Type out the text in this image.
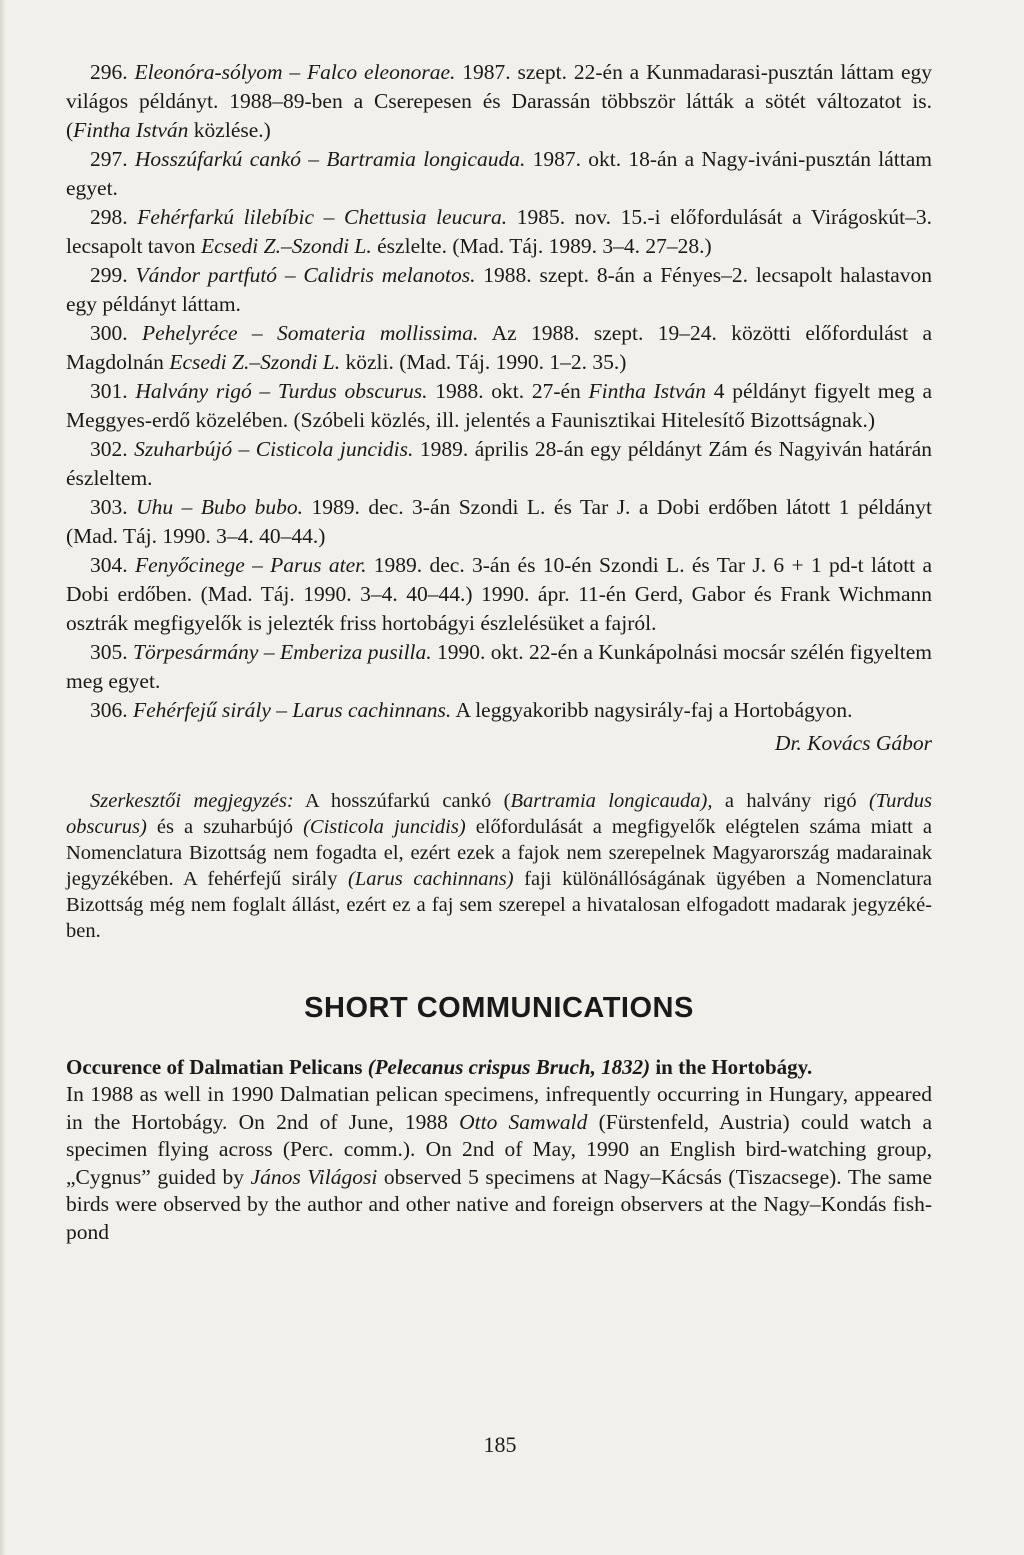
296. Eleonóra-sólyom – Falco eleonorae. 1987. szept. 22-én a Kunmadarasi-pusztán láttam egy világos példányt. 1988–89-ben a Cserepesen és Darassán többször látták a sötét változatot is. (Fintha István közlése.)

297. Hosszúfarkú cankó – Bartramia longicauda. 1987. okt. 18-án a Nagy-iváni-pusztán láttam egyet.

298. Fehérfarkú lilebíbic – Chettusia leucura. 1985. nov. 15.-i előfordulását a Virágoskút–3. lecsapolt tavon Ecsedi Z.–Szondi L. észlelte. (Mad. Táj. 1989. 3–4. 27–28.)

299. Vándor partfutó – Calidris melanotos. 1988. szept. 8-án a Fényes–2. lecsapolt halastavon egy példányt láttam.

300. Pehelyréce – Somateria mollissima. Az 1988. szept. 19–24. közötti előfordulást a Magdolnán Ecsedi Z.–Szondi L. közli. (Mad. Táj. 1990. 1–2. 35.)

301. Halvány rigó – Turdus obscurus. 1988. okt. 27-én Fintha István 4 példányt figyelt meg a Meggyes-erdő közelében. (Szóbeli közlés, ill. jelentés a Faunisztikai Hitelesítő Bizottságnak.)

302. Szuharbújó – Cisticola juncidis. 1989. április 28-án egy példányt Zám és Nagyiván határán észleltem.

303. Uhu – Bubo bubo. 1989. dec. 3-án Szondi L. és Tar J. a Dobi erdőben látott 1 példányt (Mad. Táj. 1990. 3–4. 40–44.)

304. Fenyőcinege – Parus ater. 1989. dec. 3-án és 10-én Szondi L. és Tar J. 6 + 1 pd-t látott a Dobi erdőben. (Mad. Táj. 1990. 3–4. 40–44.) 1990. ápr. 11-én Gerd, Gabor és Frank Wichmann osztrák megfigyelők is jelezték friss hortobágyi észlelésüket a fajról.

305. Törpesármány – Emberiza pusilla. 1990. okt. 22-én a Kunkápolnási mocsár szélén figyeltem meg egyet.

306. Fehérfejű sirály – Larus cachinnans. A leggyakoribb nagysirály-faj a Hortobágyon.

Dr. Kovács Gábor

Szerkesztői megjegyzés: A hosszúfarkú cankó (Bartramia longicauda), a halvány rigó (Turdus obscurus) és a szuharbújó (Cisticola juncidis) előfordulását a megfigyelők elégtelen száma miatt a Nomenclatura Bizottság nem fogadta el, ezért ezek a fajok nem szerepelnek Magyarország madarainak jegyzékében. A fehérfejű sirály (Larus cachinnans) faji különállóságának ügyében a Nomenclatura Bizottság még nem foglalt állást, ezért ez a faj sem szerepel a hivatalosan elfogadott madarak jegyzéké-ben.

SHORT COMMUNICATIONS
Occurence of Dalmatian Pelicans (Pelecanus crispus Bruch, 1832) in the Hortobágy.

In 1988 as well in 1990 Dalmatian pelican specimens, infrequently occurring in Hungary, appeared in the Hortobágy. On 2nd of June, 1988 Otto Samwald (Fürstenfeld, Austria) could watch a specimen flying across (Perc. comm.). On 2nd of May, 1990 an English bird-watching group, „Cygnus” guided by János Világosi observed 5 specimens at Nagy–Kácsás (Tiszacsege). The same birds were observed by the author and other native and foreign observers at the Nagy–Kondás fish-pond

185
